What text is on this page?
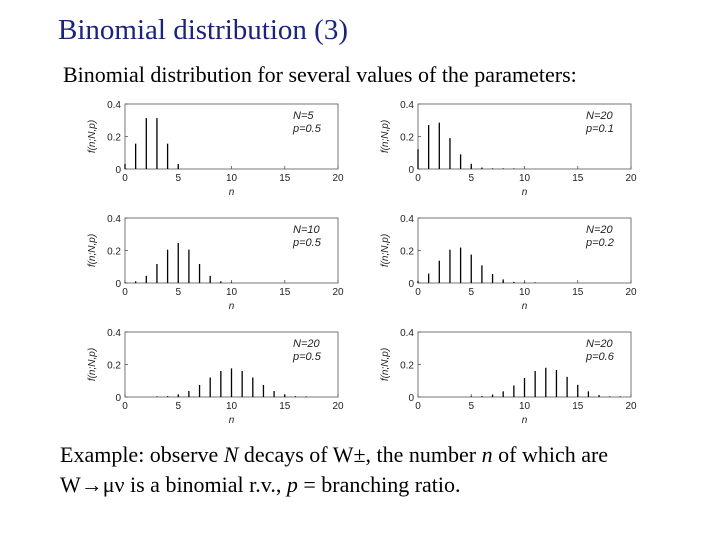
Binomial distribution (3)
Binomial distribution for several values of the parameters:
0	5	10	15	20
0
0.2
0.4
n
f(n;N,p)
N=5
p=0.5
0	5	10	15	20
0
0.2
0.4
n
f(n;N,p)
N=20
p=0.1
0	5	10	15	20
0
0.2
0.4
n
f(n;N,p)
N=10
p=0.5
0	5	10	15	20
0
0.2
0.4
n
f(n;N,p)
N=20
p=0.2
0	5	10	15	20
0
0.2
0.4
n
f(n;N,p)
N=20
p=0.5
0	5	10	15	20
0
0.2
0.4
n
f(n;N,p)
N=20
p=0.6
Example: observe N decays of W±, the number n of which are
W→μν is a binomial r.v., p = branching ratio.
